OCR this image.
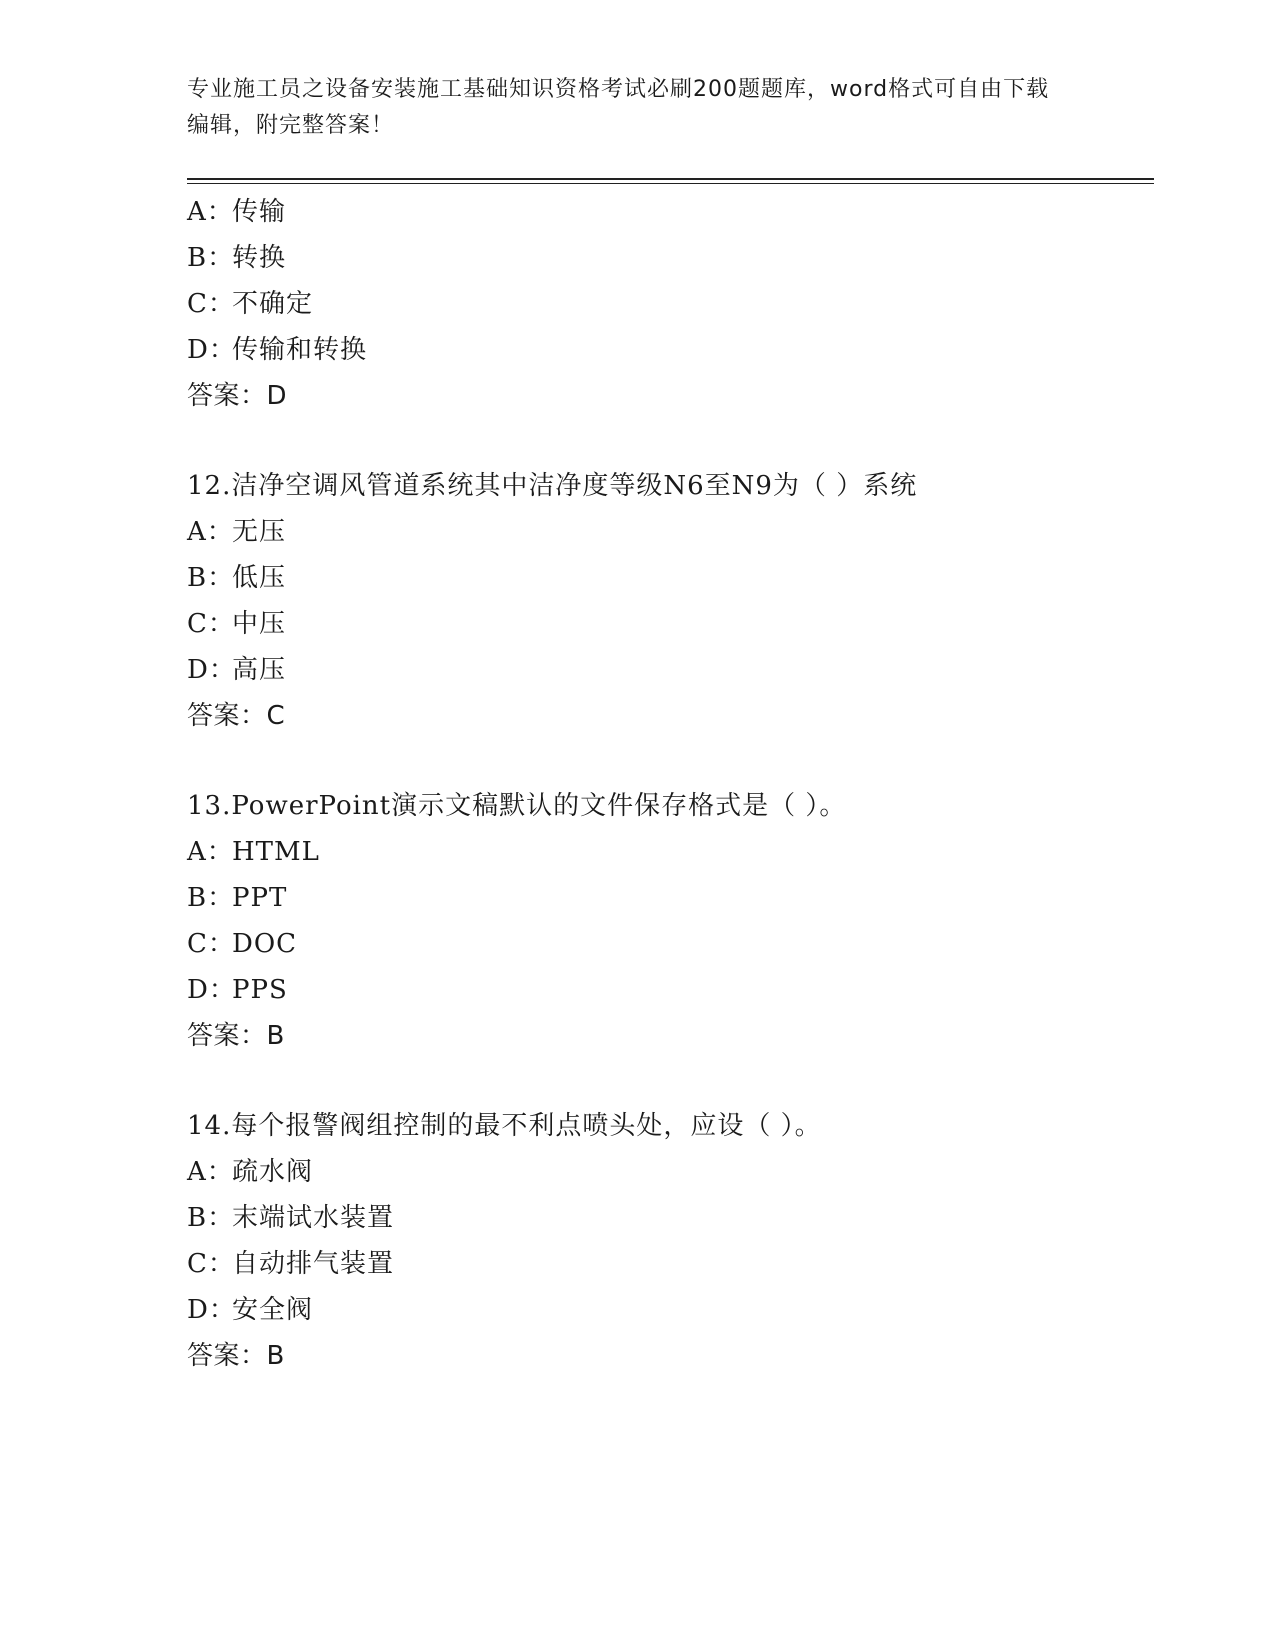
专业施工员之设备安装施工基础知识资格考试必刷200题题库，word格式可自由下载编辑，附完整答案！
A：传输
B：转换
C：不确定
D：传输和转换
答案：D
12.洁净空调风管道系统其中洁净度等级N6至N9为（ ）系统
A：无压
B：低压
C：中压
D：高压
答案：C
13.PowerPoint演示文稿默认的文件保存格式是（ ）。
A：HTML
B：PPT
C：DOC
D：PPS
答案：B
14.每个报警阀组控制的最不利点喷头处，应设（ ）。
A：疏水阀
B：末端试水装置
C：自动排气装置
D：安全阀
答案：B
